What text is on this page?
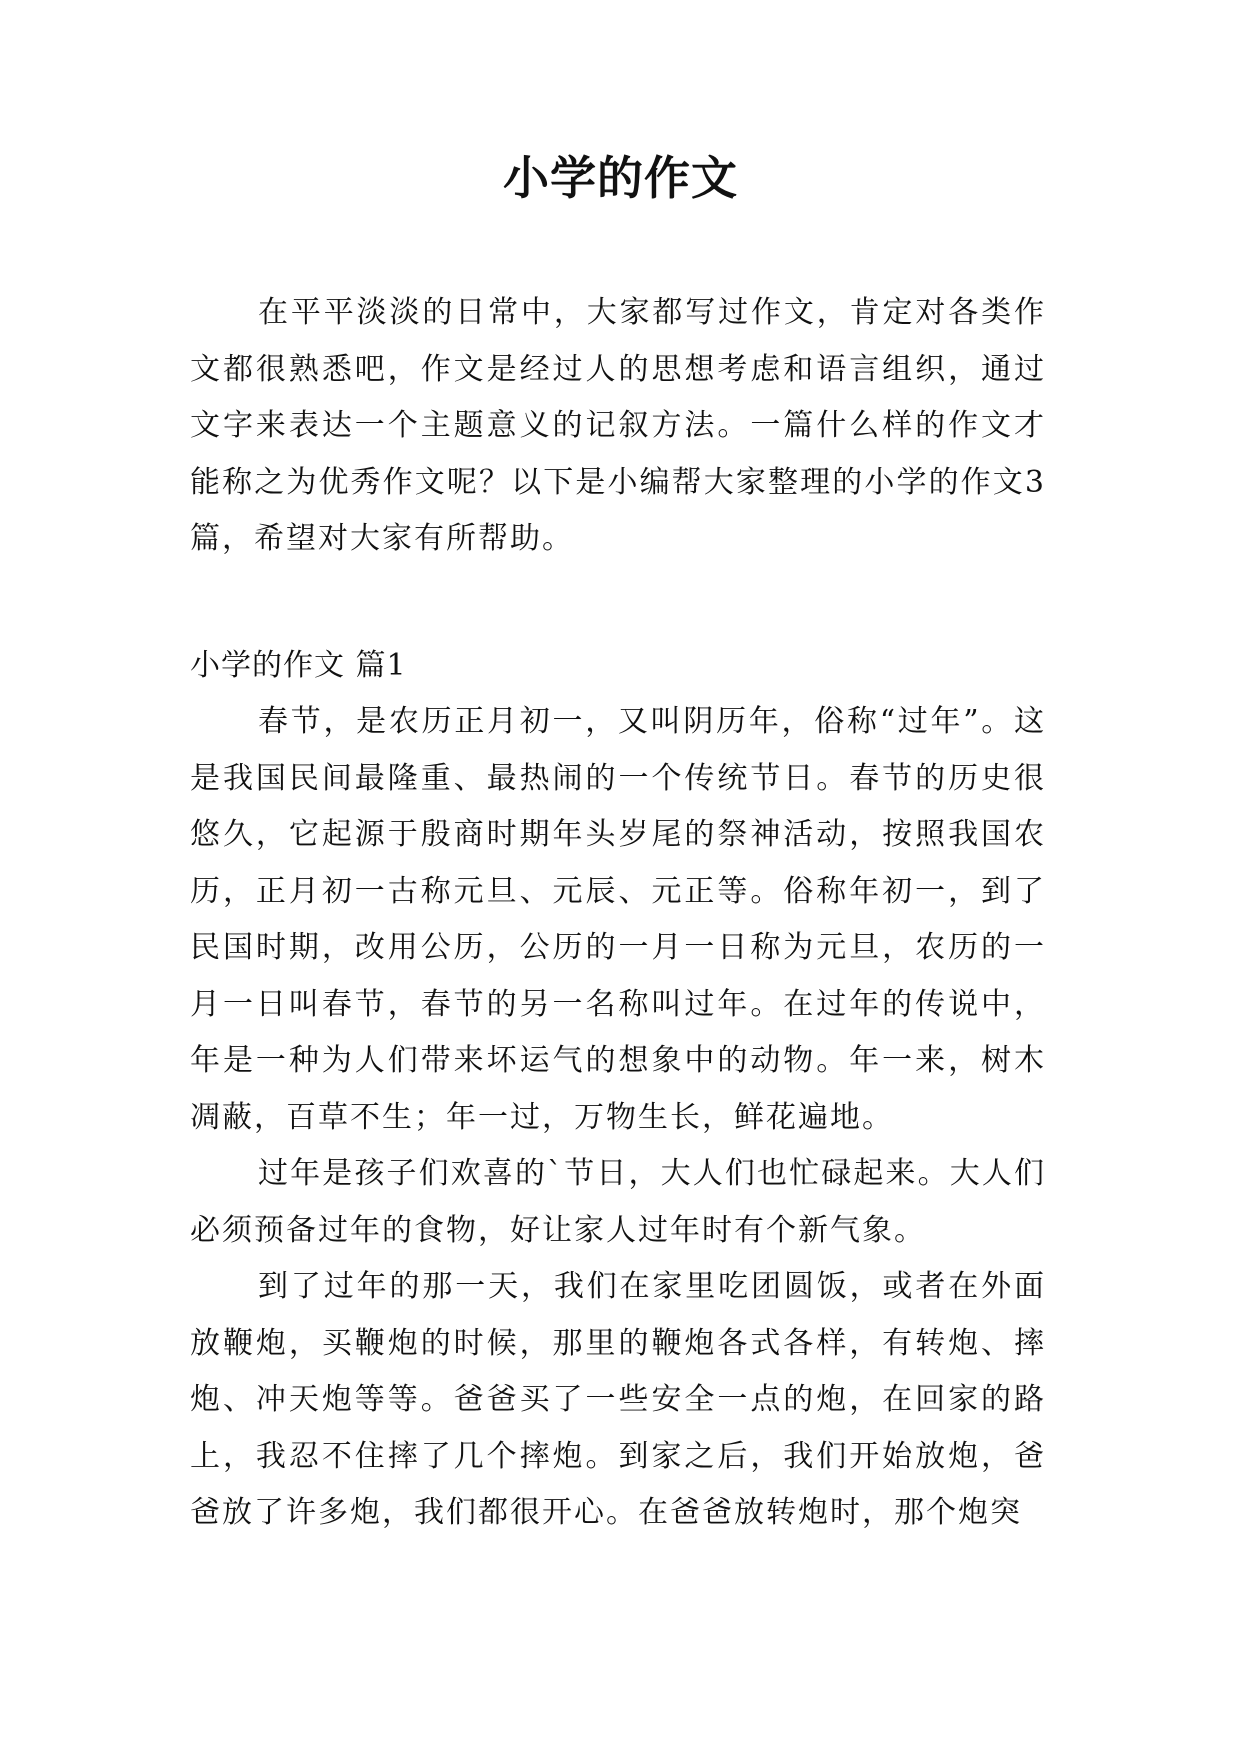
小学的作文

在平平淡淡的日常中，大家都写过作文，肯定对各类作文都很熟悉吧，作文是经过人的思想考虑和语言组织，通过文字来表达一个主题意义的记叙方法。一篇什么样的作文才能称之为优秀作文呢？以下是小编帮大家整理的小学的作文3篇，希望对大家有所帮助。

小学的作文 篇1

春节，是农历正月初一，又叫阴历年，俗称“过年”。这是我国民间最隆重、最热闹的一个传统节日。春节的历史很悠久，它起源于殷商时期年头岁尾的祭神活动，按照我国农历，正月初一古称元旦、元辰、元正等。俗称年初一，到了民国时期，改用公历，公历的一月一日称为元旦，农历的一月一日叫春节，春节的另一名称叫过年。在过年的传说中，年是一种为人们带来坏运气的想象中的动物。年一来，树木凋蔽，百草不生；年一过，万物生长，鲜花遍地。

过年是孩子们欢喜的`节日，大人们也忙碌起来。大人们必须预备过年的食物，好让家人过年时有个新气象。

到了过年的那一天，我们在家里吃团圆饭，或者在外面放鞭炮，买鞭炮的时候，那里的鞭炮各式各样，有转炮、摔炮、冲天炮等等。爸爸买了一些安全一点的炮，在回家的路上，我忍不住摔了几个摔炮。到家之后，我们开始放炮，爸爸放了许多炮，我们都很开心。在爸爸放转炮时，那个炮突
